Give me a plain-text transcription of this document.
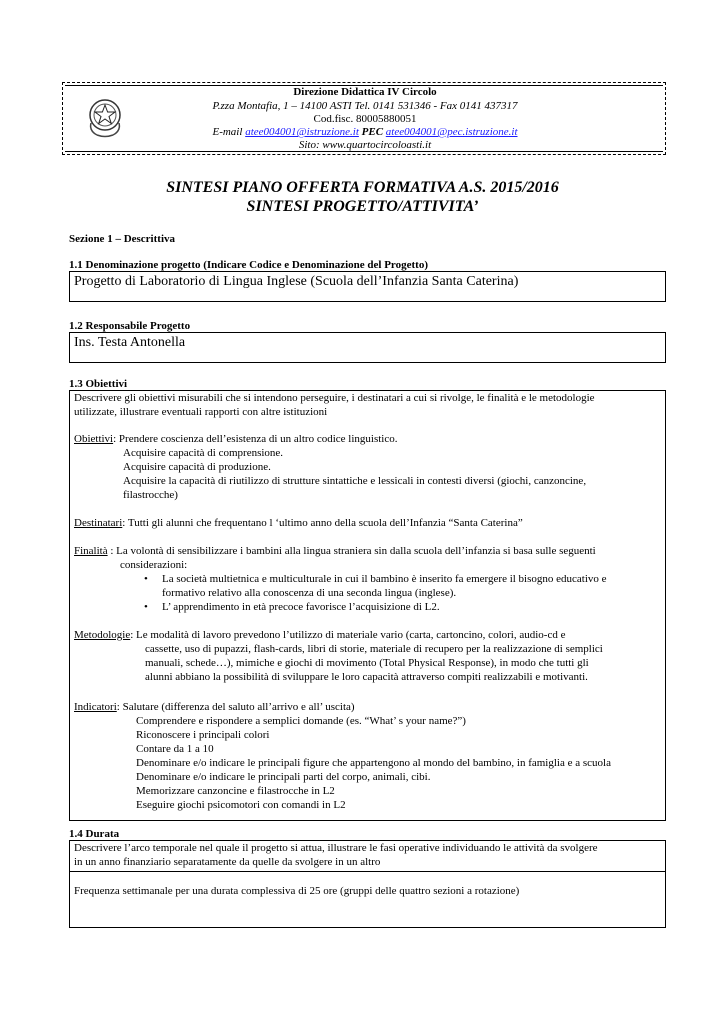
Direzione Didattica IV Circolo
P.zza Montafia, 1 – 14100 ASTI Tel. 0141 531346 - Fax 0141 437317
Cod.fisc. 80005880051
E-mail atee004001@istruzione.it PEC atee004001@pec.istruzione.it
Sito: www.quartocircoloasti.it
SINTESI PIANO OFFERTA FORMATIVA A.S. 2015/2016
SINTESI PROGETTO/ATTIVITA’
Sezione 1 – Descrittiva
1.1 Denominazione progetto (Indicare Codice e Denominazione del Progetto)
Progetto di Laboratorio di Lingua Inglese (Scuola dell’Infanzia Santa Caterina)
1.2 Responsabile Progetto
Ins. Testa Antonella
1.3 Obiettivi
Descrivere gli obiettivi misurabili che si intendono perseguire, i destinatari a cui si rivolge, le finalità e le metodologie
utilizzate, illustrare eventuali rapporti con altre istituzioni
Obiettivi: Prendere coscienza dell’esistenza di un altro codice linguistico.
Acquisire capacità di comprensione.
Acquisire capacità di produzione.
Acquisire la capacità di riutilizzo di strutture sintattiche e lessicali in contesti diversi (giochi, canzoncine,
filastrocche)
Destinatari: Tutti gli alunni che frequentano l ‘ultimo anno della scuola dell’Infanzia “Santa Caterina”
Finalità : La volontà di sensibilizzare i bambini alla lingua straniera sin dalla scuola dell’infanzia si basa sulle seguenti
considerazioni:
• La società multietnica e multiculturale in cui il bambino è inserito fa emergere il bisogno educativo e
formativo relativo alla conoscenza di una seconda lingua (inglese).
• L’ apprendimento in età precoce favorisce l’acquisizione di L2.
Metodologie: Le modalità di lavoro prevedono l’utilizzo di materiale vario (carta, cartoncino, colori, audio-cd e
cassette, uso di pupazzi, flash-cards, libri di storie, materiale di recupero per la realizzazione di semplici
manuali, schede…), mimiche e giochi di movimento (Total Physical Response), in modo che tutti gli
alunni abbiano la possibilità di sviluppare le loro capacità attraverso compiti realizzabili e motivanti.
Indicatori: Salutare (differenza del saluto all’arrivo e all’ uscita)
Comprendere e rispondere a semplici domande (es. “What’ s your name?”)
Riconoscere i principali colori
Contare da 1 a 10
Denominare e/o indicare le principali figure che appartengono al mondo del bambino, in famiglia e a scuola
Denominare e/o indicare le principali parti del corpo, animali, cibi.
Memorizzare canzoncine e filastrocche in L2
Eseguire giochi psicomotori con comandi in L2
1.4 Durata
Descrivere l’arco temporale nel quale il progetto si attua, illustrare le fasi operative individuando le attività da svolgere
in un anno finanziario separatamente da quelle da svolgere in un altro
Frequenza settimanale per una durata complessiva di 25 ore (gruppi delle quattro sezioni a rotazione)
